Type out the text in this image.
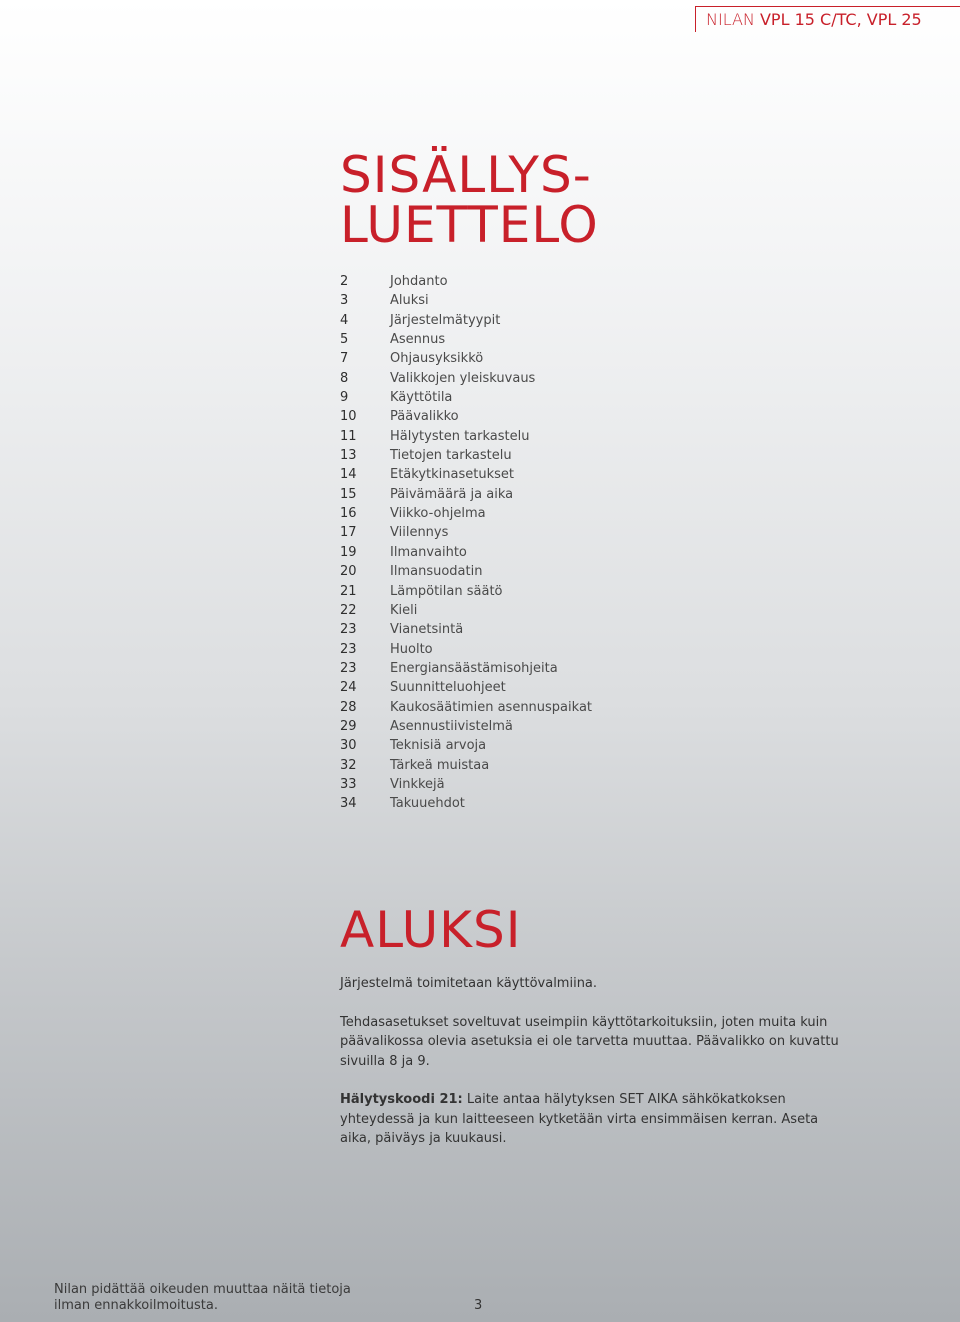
NILAN VPL 15 C/TC, VPL 25
SISÄLLYS-
LUETTELO
2	Johdanto
3	Aluksi
4	Järjestelmätyypit
5	Asennus
7	Ohjausyksikkö
8	Valikkojen yleiskuvaus
9	Käyttötila
10	Päävalikko
11	Hälytysten tarkastelu
13	Tietojen tarkastelu
14	Etäkytkinasetukset
15	Päivämäärä ja aika
16	Viikko-ohjelma
17	Viilennys
19	Ilmanvaihto
20	Ilmansuodatin
21	Lämpötilan säätö
22	Kieli
23	Vianetsintä
23	Huolto
23	Energiansäästämisohjeita
24	Suunnitteluohjeet
28	Kaukosäätimien asennuspaikat
29	Asennustiivistelmä
30	Teknisiä arvoja
32	Tärkeä muistaa
33	Vinkkejä
34	Takuuehdot
ALUKSI

Järjestelmä toimitetaan käyttövalmiina.

Tehdasasetukset soveltuvat useimpiin käyttötarkoituksiin, joten muita kuin päävalikossa olevia asetuksia ei ole tarvetta muuttaa. Päävalikko on kuvattu sivuilla 8 ja 9.

Hälytyskoodi 21: Laite antaa hälytyksen SET AIKA sähkökatkoksen yhteydessä ja kun laitteeseen kytketään virta ensimmäisen kerran. Aseta aika, päiväys ja kuukausi.

Nilan pidättää oikeuden muuttaa näitä tietoja ilman ennakkoilmoitusta.	3
